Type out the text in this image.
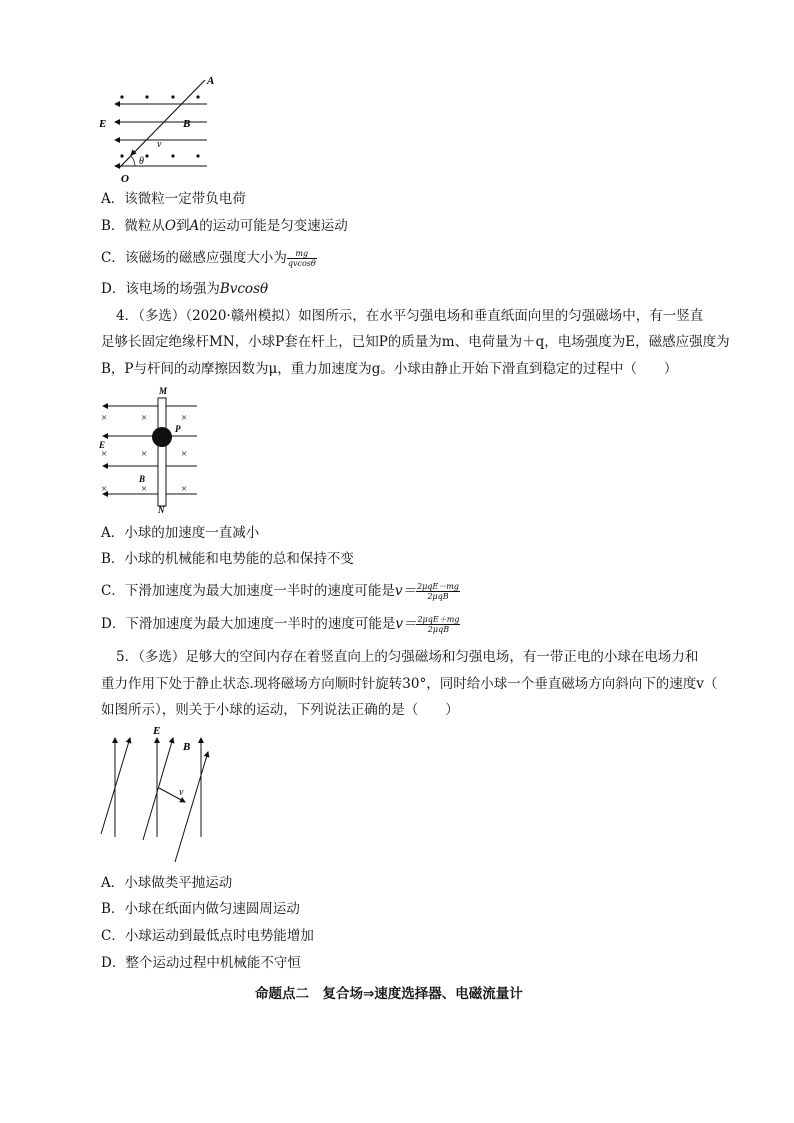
A
E	B
v
θ
O
A．该微粒一定带负电荷
B．微粒从O到A的运动可能是匀变速运动
C．该磁场的磁感应强度大小为 $\frac{mg}{qvcos\theta}$
D．该电场的场强为Bvcosθ
4．（多选）（2020·赣州模拟）如图所示，在水平匀强电场和垂直纸面向里的匀强磁场中，有一竖直
足够长固定绝缘杆MN，小球P套在杆上，已知P的质量为m、电荷量为＋q，电场强度为E，磁感应强度为
B，P与杆间的动摩擦因数为μ，重力加速度为g。小球由静止开始下滑直到稳定的过程中（　　）
×	×	×
×	×	×
×	×	×
M
P
E
B
N
A．小球的加速度一直减小
B．小球的机械能和电势能的总和保持不变
C．下滑加速度为最大加速度一半时的速度可能是$v= \frac{\text{2μqE－mg}}{\text{2μqB}}$
D．下滑加速度为最大加速度一半时的速度可能是$v= \frac{\text{2μqE＋mg}}{\text{2μqB}}$
5．（多选）足够大的空间内存在着竖直向上的匀强磁场和匀强电场，有一带正电的小球在电场力和
重力作用下处于静止状态.现将磁场方向顺时针旋转30°，同时给小球一个垂直磁场方向斜向下的速度v（
如图所示），则关于小球的运动，下列说法正确的是（　　）
E
B
v
A．小球做类平抛运动
B．小球在纸面内做匀速圆周运动
C．小球运动到最低点时电势能增加
D．整个运动过程中机械能不守恒
命题点二　复合场⇒速度选择器、电磁流量计
